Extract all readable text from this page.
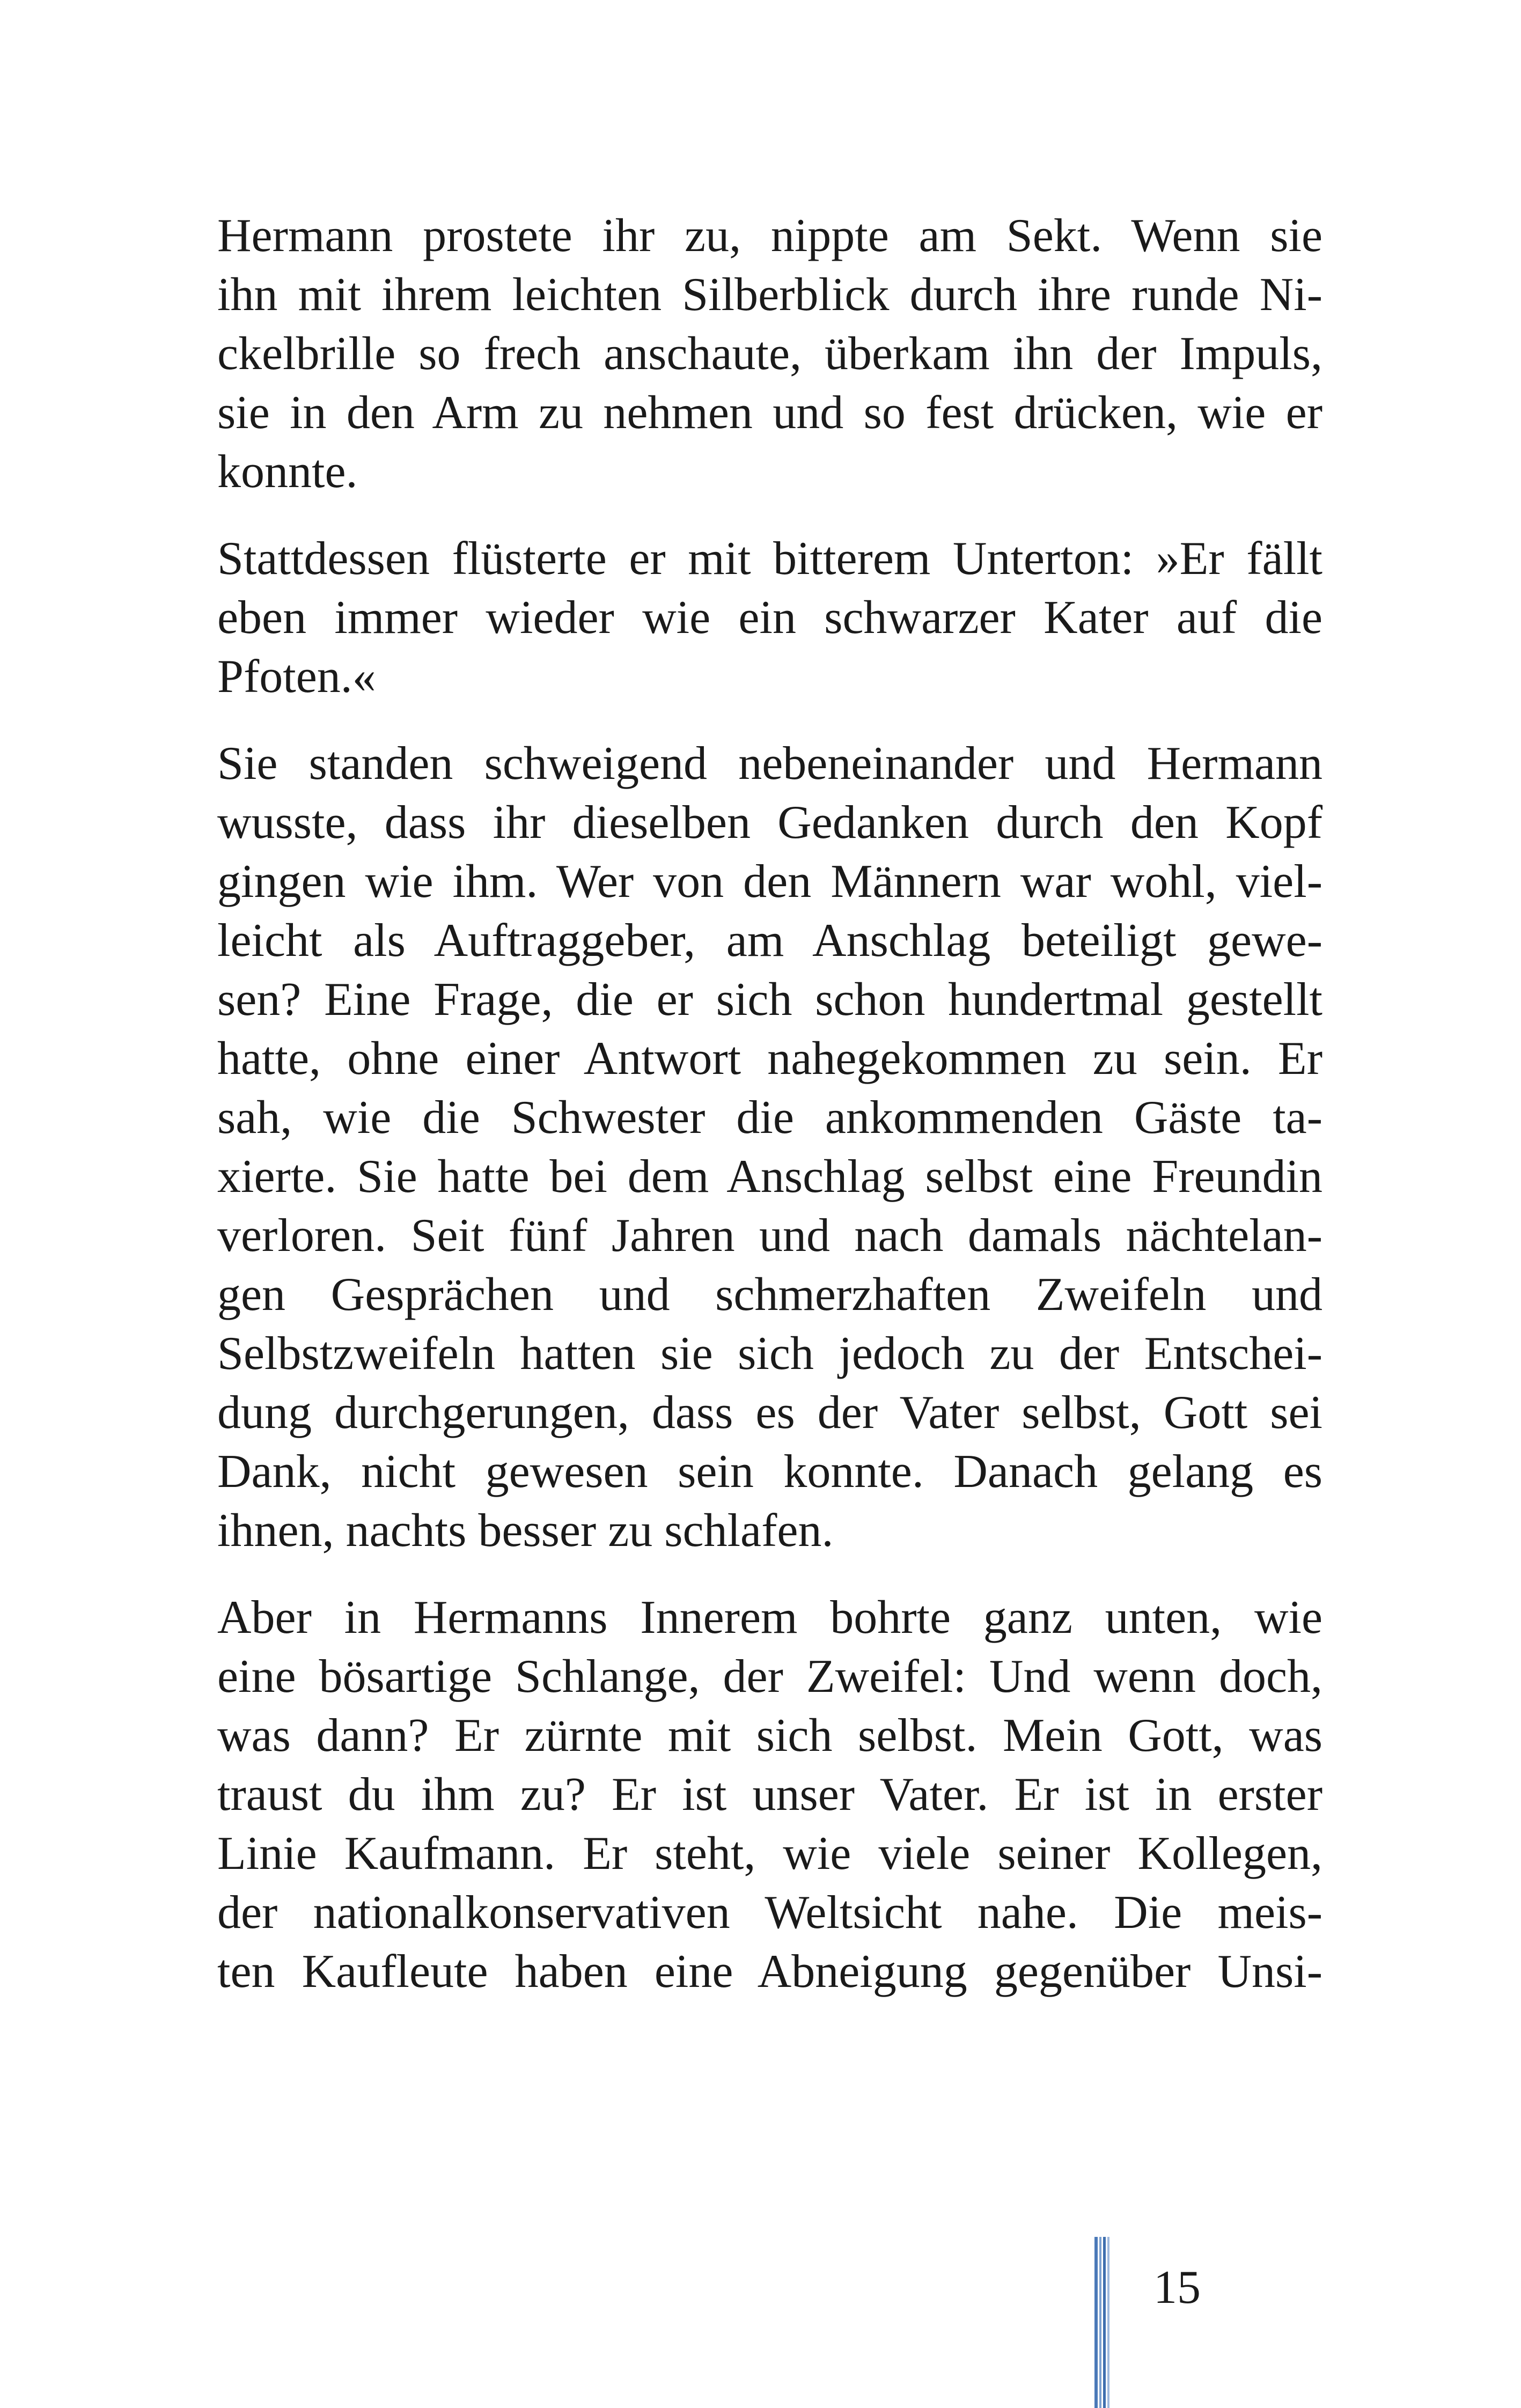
Hermann prostete ihr zu, nippte am Sekt. Wenn sie
ihn mit ihrem leichten Silberblick durch ihre runde Ni-
ckelbrille so frech anschaute, überkam ihn der Impuls,
sie in den Arm zu nehmen und so fest drücken, wie er
konnte.
Stattdessen flüsterte er mit bitterem Unterton: »Er fällt
eben immer wieder wie ein schwarzer Kater auf die
Pfoten.«
Sie standen schweigend nebeneinander und Hermann
wusste, dass ihr dieselben Gedanken durch den Kopf
gingen wie ihm. Wer von den Männern war wohl, viel-
leicht als Auftraggeber, am Anschlag beteiligt gewe-
sen? Eine Frage, die er sich schon hundertmal gestellt
hatte, ohne einer Antwort nahegekommen zu sein. Er
sah, wie die Schwester die ankommenden Gäste ta-
xierte. Sie hatte bei dem Anschlag selbst eine Freundin
verloren. Seit fünf Jahren und nach damals nächtelan-
gen Gesprächen und schmerzhaften Zweifeln und
Selbstzweifeln hatten sie sich jedoch zu der Entschei-
dung durchgerungen, dass es der Vater selbst, Gott sei
Dank, nicht gewesen sein konnte. Danach gelang es
ihnen, nachts besser zu schlafen.
Aber in Hermanns Innerem bohrte ganz unten, wie
eine bösartige Schlange, der Zweifel: Und wenn doch,
was dann? Er zürnte mit sich selbst. Mein Gott, was
traust du ihm zu? Er ist unser Vater. Er ist in erster
Linie Kaufmann. Er steht, wie viele seiner Kollegen,
der nationalkonservativen Weltsicht nahe. Die meis-
ten Kaufleute haben eine Abneigung gegenüber Unsi-
15
